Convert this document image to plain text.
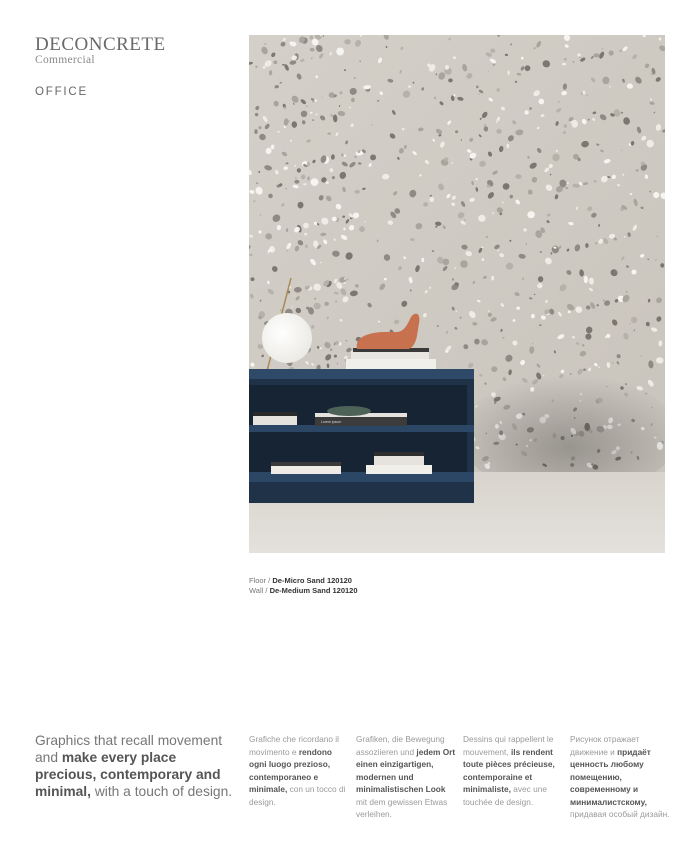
DECONCRETE
Commercial
OFFICE
Lorem ipsum
Floor / De-Micro Sand 120120
Wall / De-Medium Sand 120120
Graphics that recall movement and make every place precious, contemporary and minimal, with a touch of design.
Grafiche che ricordano il movimento e rendono ogni luogo prezioso, contemporaneo e minimale, con un tocco di design.
Grafiken, die Bewegung assoziieren und jedem Ort einen einzigartigen, modernen und minimalistischen Look mit dem gewissen Etwas verleihen.
Dessins qui rappellent le mouvement, ils rendent toute pièces précieuse, contemporaine et minimaliste, avec une touchée de design.
Рисунок отражает движение и придаёт ценность любому помещению, современному и минималистскому, придавая особый дизайн.
